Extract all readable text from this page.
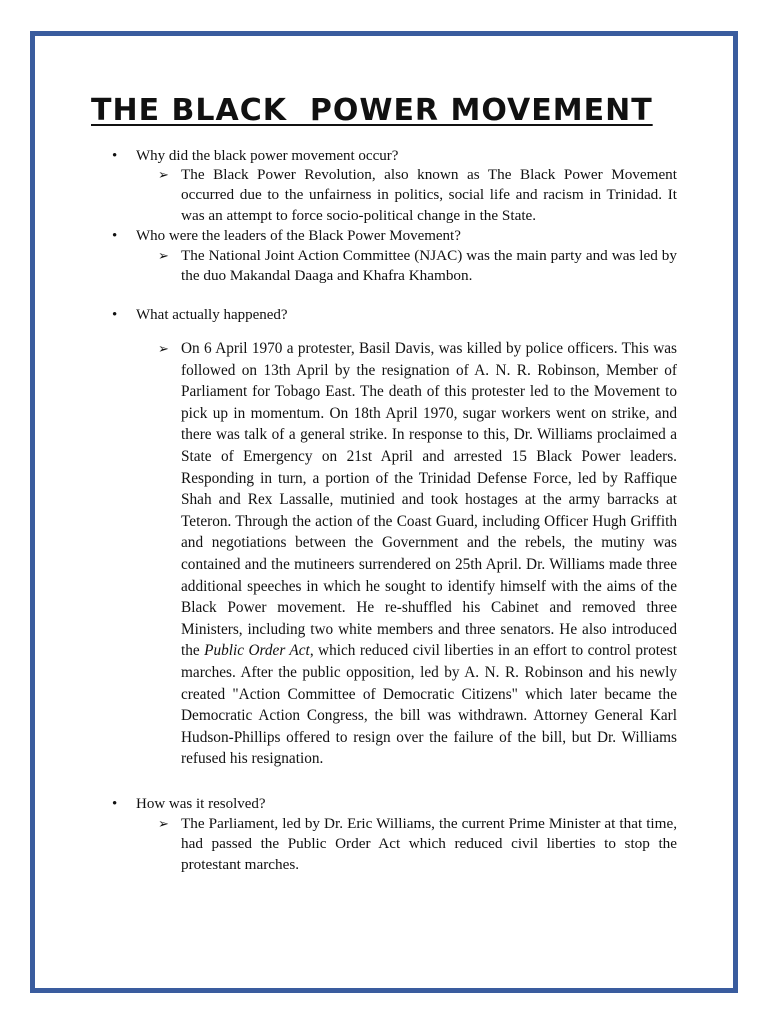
THE BLACK  POWER MOVEMENT
•	Why did the black power movement occur?
➢ The Black Power Revolution, also known as The Black Power Movement occurred due to the unfairness in politics, social life and racism in Trinidad. It was an attempt to force socio-political change in the State.
•	Who were the leaders of the Black Power Movement?
➢ The National Joint Action Committee (NJAC) was the main party and was led by the duo Makandal Daaga and Khafra Khambon.
•	What actually happened?
➢ On 6 April 1970 a protester, Basil Davis, was killed by police officers. This was followed on 13th April by the resignation of A. N. R. Robinson, Member of Parliament for Tobago East. The death of this protester led to the Movement to pick up in momentum. On 18th April 1970, sugar workers went on strike, and there was talk of a general strike. In response to this, Dr. Williams proclaimed a State of Emergency on 21st April and arrested 15 Black Power leaders. Responding in turn, a portion of the Trinidad Defense Force, led by Raffique Shah and Rex Lassalle, mutinied and took hostages at the army barracks at Teteron. Through the action of the Coast Guard, including Officer Hugh Griffith and negotiations between the Government and the rebels, the mutiny was contained and the mutineers surrendered on 25th April. Dr. Williams made three additional speeches in which he sought to identify himself with the aims of the Black Power movement. He re-shuffled his Cabinet and removed three Ministers, including two white members and three senators. He also introduced the Public Order Act, which reduced civil liberties in an effort to control protest marches. After the public opposition, led by A. N. R. Robinson and his newly created "Action Committee of Democratic Citizens" which later became the Democratic Action Congress, the bill was withdrawn. Attorney General Karl Hudson-Phillips offered to resign over the failure of the bill, but Dr. Williams refused his resignation.
•	How was it resolved?
➢ The Parliament, led by Dr. Eric Williams, the current Prime Minister at that time, had passed the Public Order Act which reduced civil liberties to stop the protestant marches.
